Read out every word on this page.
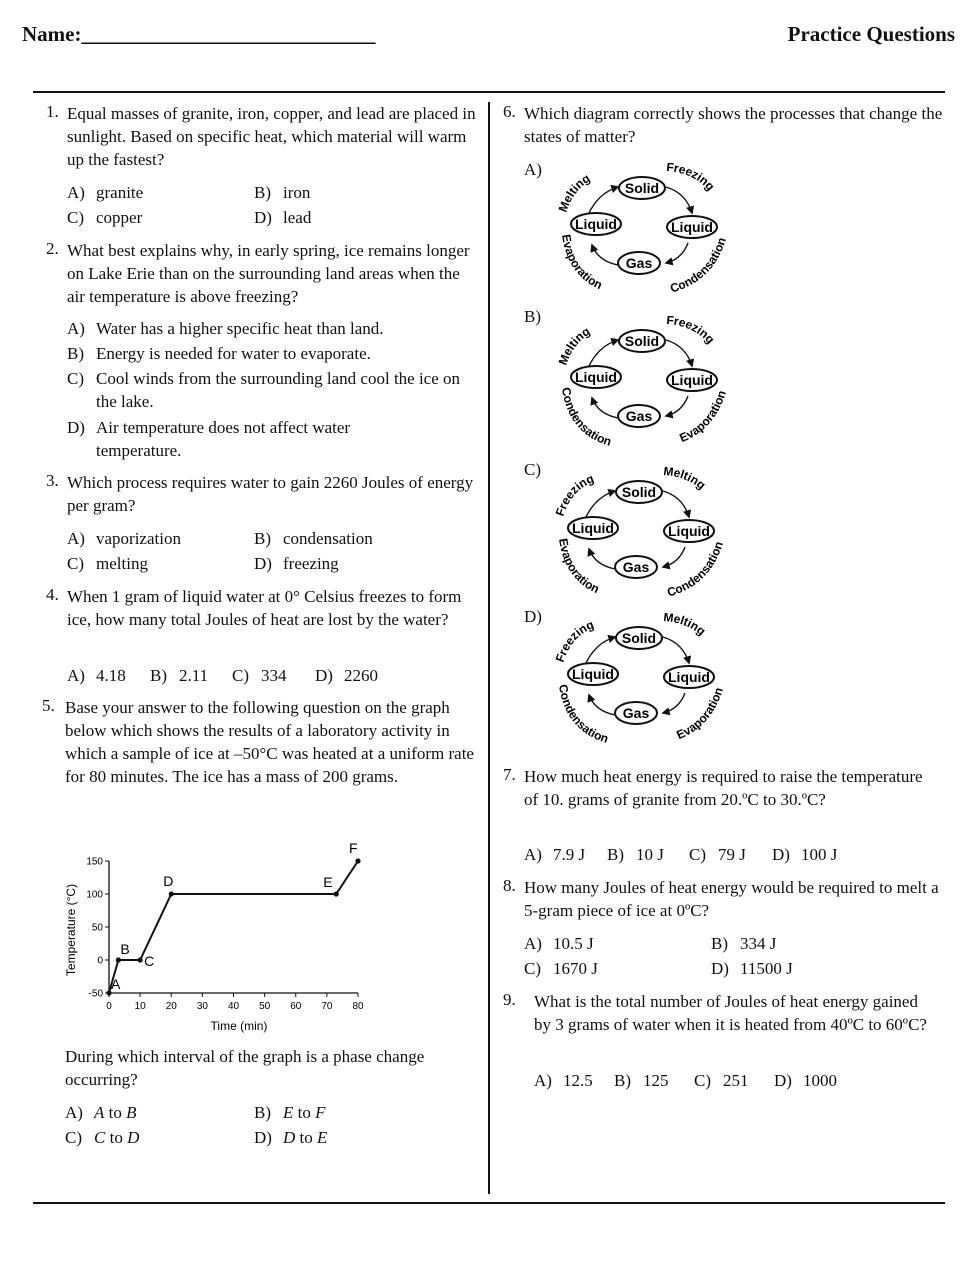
Name:____________________________	Practice Questions
1. Equal masses of granite, iron, copper, and lead are placed in sunlight. Based on specific heat, which material will warm up the fastest?
A) granite	B) iron
C) copper	D) lead
2. What best explains why, in early spring, ice remains longer on Lake Erie than on the surrounding land areas when the air temperature is above freezing?
A) Water has a higher specific heat than land.
B) Energy is needed for water to evaporate.
C) Cool winds from the surrounding land cool the ice on the lake.
D) Air temperature does not affect water temperature.
3. Which process requires water to gain 2260 Joules of energy per gram?
A) vaporization	B) condensation
C) melting	D) freezing
4. When 1 gram of liquid water at 0° Celsius freezes to form ice, how many total Joules of heat are lost by the water?
A) 4.18 B) 2.11 C) 334 D) 2260
5. Base your answer to the following question on the graph below which shows the results of a laboratory activity in which a sample of ice at –50°C was heated at a uniform rate for 80 minutes. The ice has a mass of 200 grams.
0 10 20 30 40 50 60 70 80
150
100
50
0
-50
A
B
C
D	E
F
Time (min)
Temperature (°C)
During which interval of the graph is a phase change occurring?
A) A to B	B) E to F
C) C to D	D) D to E
6. Which diagram correctly shows the processes that change the states of matter?
A)
B)
C)
D)
Solid
Liquid	Liquid
Gas
Melting
Freezing
Evaporation	Condensation
Solid
Liquid	Liquid
Gas
Melting
Freezing
Condensation	Evaporation
Solid
Liquid	Liquid
Gas
Freezing	Melting
Evaporation	Condensation
Solid
Liquid	Liquid
Gas
Freezing	Melting
Condensation	Evaporation
7. How much heat energy is required to raise the temperature of 10. grams of granite from 20.ºC to 30.ºC?
A) 7.9 J B) 10 J C) 79 J D) 100 J
8. How many Joules of heat energy would be required to melt a 5-gram piece of ice at 0ºC?
A) 10.5 J	B) 334 J
C) 1670 J	D) 11500 J
9. What is the total number of Joules of heat energy gained by 3 grams of water when it is heated from 40ºC to 60ºC?
A) 12.5 B) 125 C) 251 D) 1000
